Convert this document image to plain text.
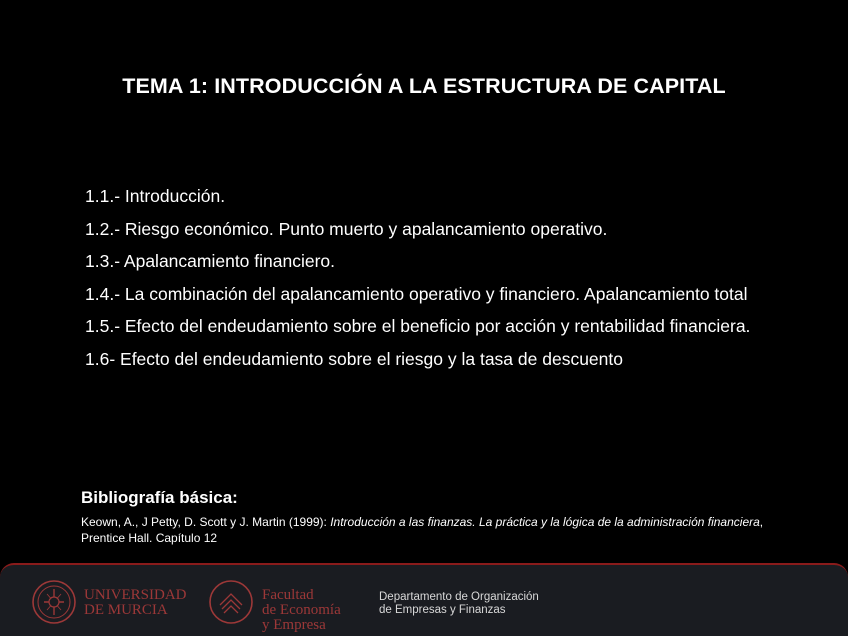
TEMA 1: INTRODUCCIÓN A LA ESTRUCTURA DE CAPITAL

1.1.- Introducción.

1.2.- Riesgo económico. Punto muerto y apalancamiento operativo.

1.3.- Apalancamiento financiero.

1.4.- La combinación del apalancamiento operativo y financiero. Apalancamiento total

1.5.- Efecto del endeudamiento sobre el beneficio por acción y rentabilidad financiera.

1.6- Efecto del endeudamiento sobre el riesgo y la tasa de descuento

Bibliografía básica:
Keown, A., J Petty, D. Scott y J. Martin (1999): Introducción a las finanzas. La práctica y la lógica de la administración financiera, Prentice Hall. Capítulo 12
UNIVERSIDAD
DE MURCIA
Facultad
de Economía
y Empresa
Departamento de Organización
de Empresas y Finanzas
